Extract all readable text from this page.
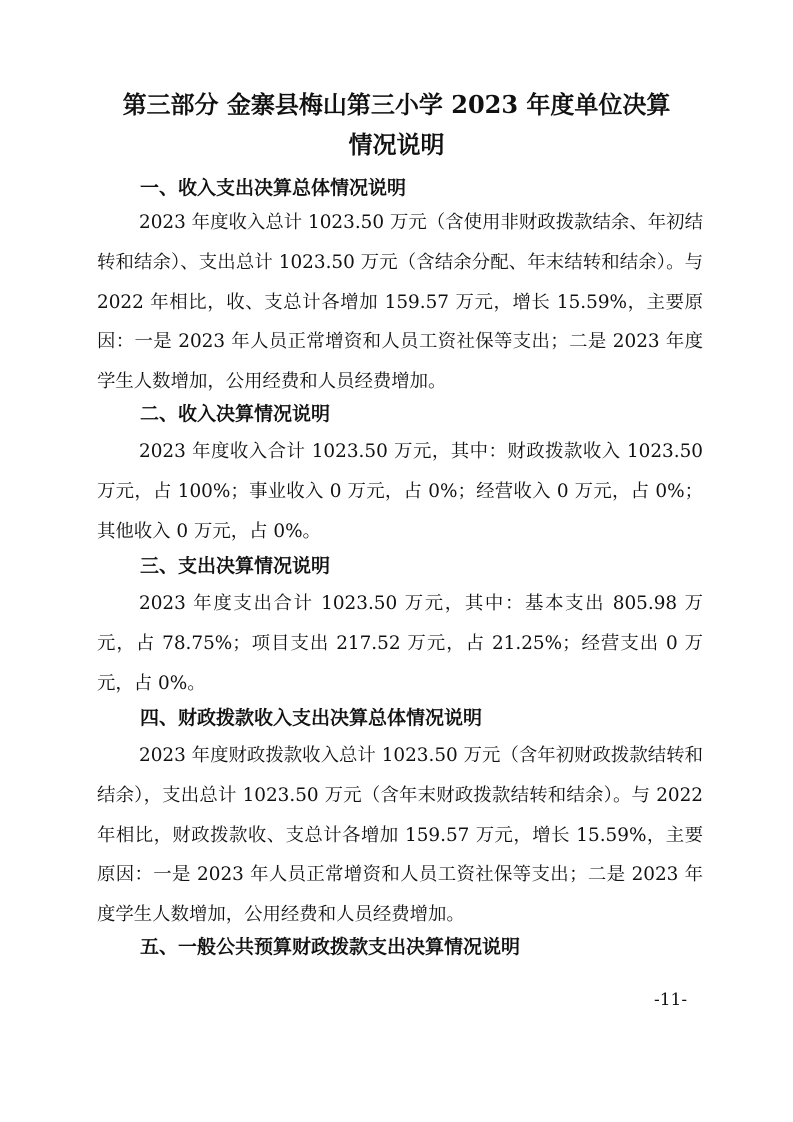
第三部分 金寨县梅山第三小学 2023 年度单位决算
情况说明
一、收入支出决算总体情况说明
2023 年度收入总计 1023.50 万元（含使用非财政拨款结余、年初结转和结余）、支出总计 1023.50 万元（含结余分配、年末结转和结余）。与 2022 年相比，收、支总计各增加 159.57 万元，增长 15.59%，主要原因：一是 2023 年人员正常增资和人员工资社保等支出；二是 2023 年度学生人数增加，公用经费和人员经费增加。
二、收入决算情况说明
2023 年度收入合计 1023.50 万元，其中：财政拨款收入 1023.50 万元，占 100%；事业收入 0 万元，占 0%；经营收入 0 万元，占 0%；其他收入 0 万元，占 0%。
三、支出决算情况说明
2023 年度支出合计 1023.50 万元，其中：基本支出 805.98 万元，占 78.75%；项目支出 217.52 万元，占 21.25%；经营支出 0 万元，占 0%。
四、财政拨款收入支出决算总体情况说明
2023 年度财政拨款收入总计 1023.50 万元（含年初财政拨款结转和结余），支出总计 1023.50 万元（含年末财政拨款结转和结余）。与 2022 年相比，财政拨款收、支总计各增加 159.57 万元，增长 15.59%，主要原因：一是 2023 年人员正常增资和人员工资社保等支出；二是 2023 年度学生人数增加，公用经费和人员经费增加。
五、一般公共预算财政拨款支出决算情况说明
-11-
